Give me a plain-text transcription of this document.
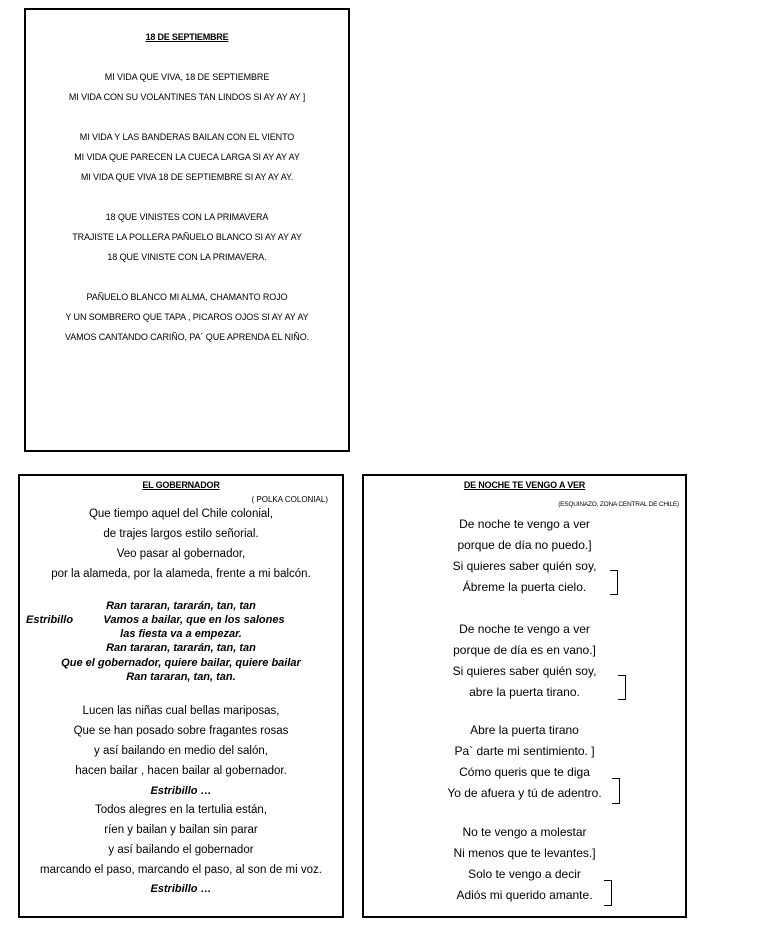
18 DE SEPTIEMBRE
MI VIDA QUE VIVA, 18 DE SEPTIEMBRE
MI VIDA CON SU VOLANTINES TAN LINDOS SI AY AY AY ]
MI VIDA Y LAS BANDERAS BAILAN CON EL VIENTO
MI VIDA QUE PARECEN LA CUECA LARGA SI AY AY AY
MI VIDA QUE VIVA 18 DE SEPTIEMBRE SI AY AY AY.
18 QUE VINISTES CON LA PRIMAVERA
TRAJISTE LA POLLERA PAÑUELO BLANCO SI AY AY AY
18 QUE VINISTE CON LA PRIMAVERA.
PAÑUELO BLANCO MI ALMA, CHAMANTO ROJO
Y UN SOMBRERO QUE TAPA , PICAROS OJOS SI AY AY AY
VAMOS CANTANDO CARIÑO, PA´ QUE APRENDA EL NIÑO.
EL GOBERNADOR
( POLKA COLONIAL)
Que tiempo aquel del Chile colonial,
de trajes largos estilo señorial.
Veo pasar al gobernador,
por la alameda, por la alameda, frente a mi balcón.
Estribillo
Ran tararan, tararán, tan, tan
Vamos a bailar, que en los salones
las fiesta va a empezar.
Ran tararan, tararán, tan, tan
Que el gobernador, quiere bailar, quiere bailar
Ran tararan, tan, tan.
Lucen las niñas cual bellas mariposas,
Que se han posado sobre fragantes rosas
y así bailando en medio del salón,
hacen bailar , hacen bailar al gobernador.
Estribillo …
Todos alegres en la tertulia están,
ríen y bailan y bailan sin parar
y así bailando el gobernador
marcando el paso, marcando el paso, al son de mi voz.
Estribillo …
DE NOCHE TE VENGO A VER
(ESQUINAZO, ZONA CENTRAL DE CHILE)
De noche te vengo a ver
porque de día no puedo.]
Si quieres saber quién soy,
Ábreme la puerta cielo.
De noche te vengo a ver
porque de día es en vano.]
Si quieres saber quién soy,
abre la puerta tirano.
Abre la puerta tirano
Pa` darte mi sentimiento. ]
Cómo queris que te diga
Yo de afuera y tú de adentro.
No te vengo a molestar
Ni menos que te levantes.]
Solo te vengo a decir
Adiós mi querido amante.
